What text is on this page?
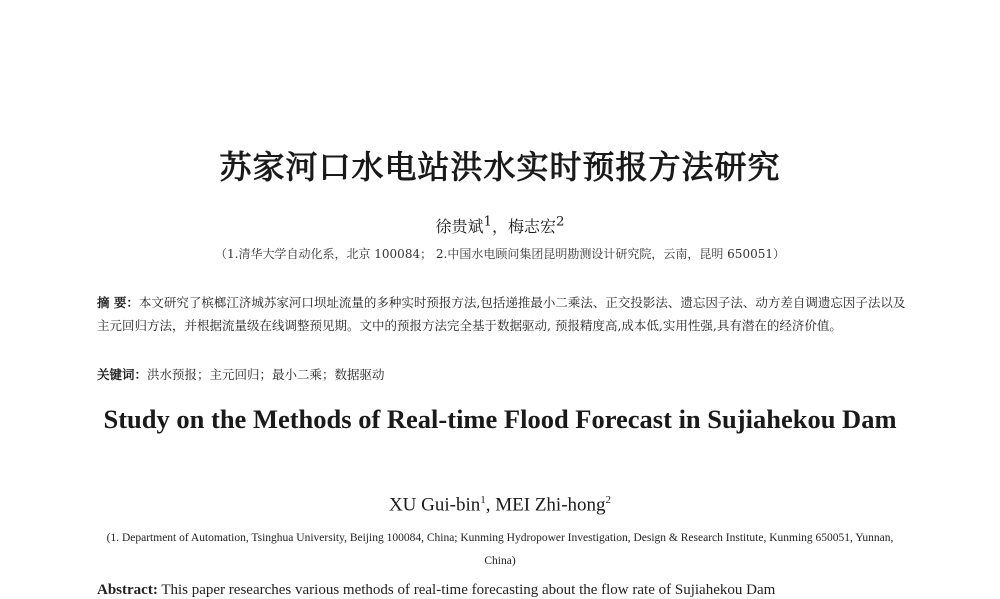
苏家河口水电站洪水实时预报方法研究
徐贵斌$^1$，梅志宏$^2$
（1.清华大学自动化系，北京 100084； 2.中国水电顾问集团昆明勘测设计研究院，云南，昆明 650051）
摘 要：本文研究了槟榔江济城苏家河口坝址流量的多种实时预报方法,包括递推最小二乘法、正交投影法、遗忘因子法、动方差自调遗忘因子法以及主元回归方法，并根据流量级在线调整预见期。文中的预报方法完全基于数据驱动, 预报精度高,成本低,实用性强,具有潜在的经济价值。
关键词：洪水预报；主元回归；最小二乘；数据驱动
Study on the Methods of Real-time Flood Forecast in Sujiahekou Dam
XU Gui-bin$^1$, MEI Zhi-hong$^2$
(1. Department of Automation, Tsinghua University, Beijing 100084, China; Kunming Hydropower Investigation, Design & Research Institute, Kunming 650051, Yunnan, China)
Abstract: This paper researches various methods of real-time forecasting about the flow rate of Sujiahekou Dam
